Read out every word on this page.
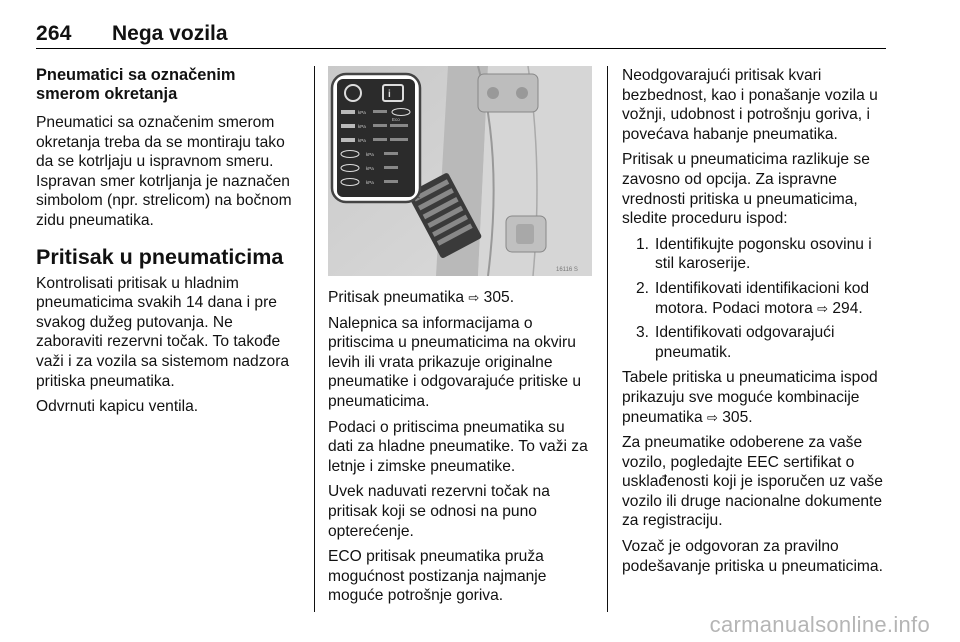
264 Nega vozila
Pneumatici sa označenim smerom okretanja

Pneumatici sa označenim smerom okretanja treba da se montiraju tako da se kotrljaju u ispravnom smeru. Ispravan smer kotrljanja je naznačen simbolom (npr. strelicom) na bočnom zidu pneumatika.

Pritisak u pneumaticima

Kontrolisati pritisak u hladnim pneumaticima svakih 14 dana i pre svakog dužeg putovanja. Ne zaboraviti rezervni točak. To takođe važi i za vozila sa sistemom nadzora pritiska pneumatika.

Odvrnuti kapicu ventila.

i
kPa
kPa
Eco
kPa
kPa
kPa
kPa
16116 S

Pritisak pneumatika ⇨ 305.

Nalepnica sa informacijama o pritiscima u pneumaticima na okviru levih ili vrata prikazuje originalne pneumatike i odgovarajuće pritiske u pneumaticima.

Podaci o pritiscima pneumatika su dati za hladne pneumatike. To važi za letnje i zimske pneumatike.

Uvek naduvati rezervni točak na pritisak koji se odnosi na puno opterećenje.

ECO pritisak pneumatika pruža mogućnost postizanja najmanje moguće potrošnje goriva.

Neodgovarajući pritisak kvari bezbednost, kao i ponašanje vozila u vožnji, udobnost i potrošnju goriva, i povećava habanje pneumatika.

Pritisak u pneumaticima razlikuje se zavosno od opcija. Za ispravne vrednosti pritiska u pneumaticima, sledite proceduru ispod:

1. Identifikujte pogonsku osovinu i stil karoserije.
2. Identifikovati identifikacioni kod motora. Podaci motora ⇨ 294.
3. Identifikovati odgovarajući pneumatik.

Tabele pritiska u pneumaticima ispod prikazuju sve moguće kombinacije pneumatika ⇨ 305.

Za pneumatike odoberene za vaše vozilo, pogledajte EEC sertifikat o usklađenosti koji je isporučen uz vaše vozilo ili druge nacionalne dokumente za registraciju.

Vozač je odgovoran za pravilno podešavanje pritiska u pneumaticima.

carmanualsonline.info
